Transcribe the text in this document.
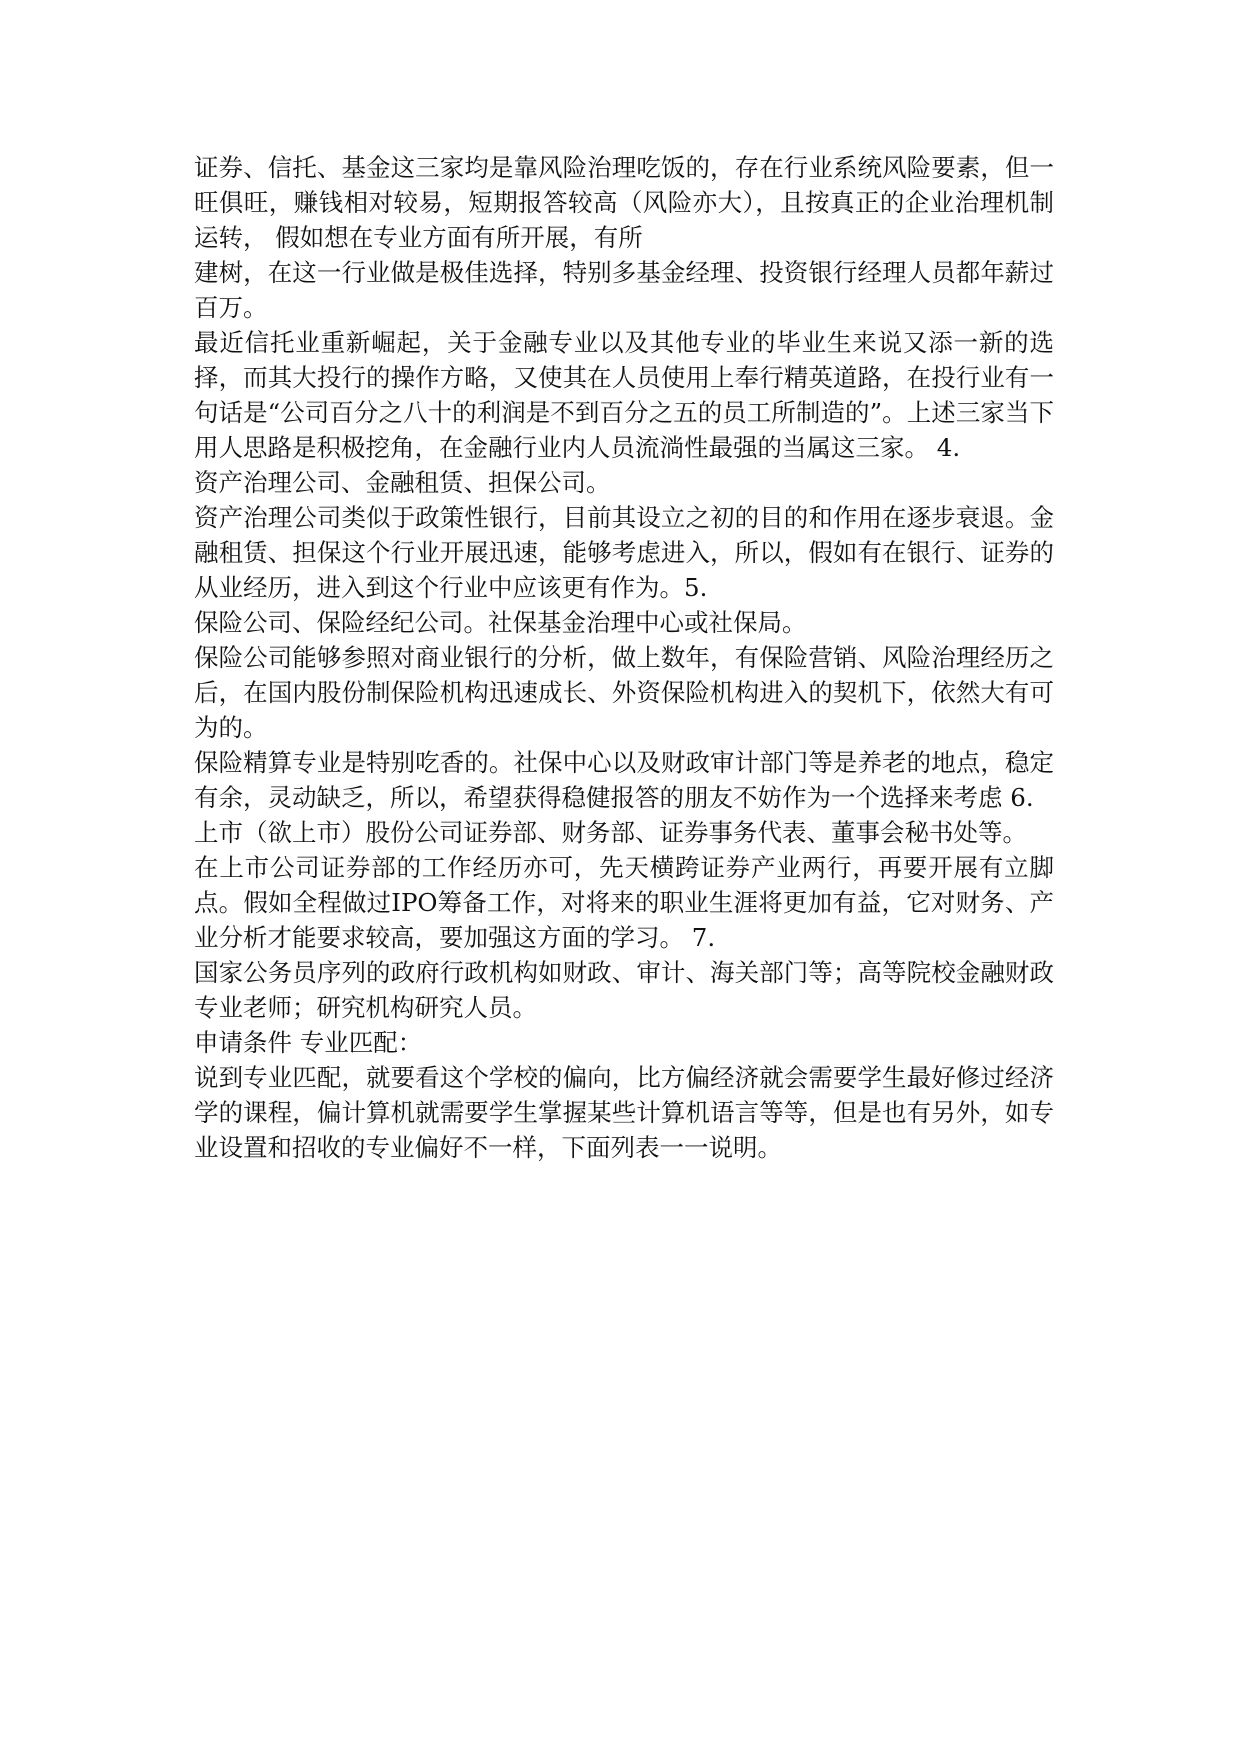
证券、信托、基金这三家均是靠风险治理吃饭的，存在行业系统风险要素，但一旺俱旺，赚钱相对较易，短期报答较高（风险亦大），且按真正的企业治理机制运转， 假如想在专业方面有所开展，有所

建树，在这一行业做是极佳选择，特别多基金经理、投资银行经理人员都年薪过百万。

最近信托业重新崛起，关于金融专业以及其他专业的毕业生来说又添一新的选择，而其大投行的操作方略，又使其在人员使用上奉行精英道路，在投行业有一句话是“公司百分之八十的利润是不到百分之五的员工所制造的”。上述三家当下用人思路是积极挖角，在金融行业内人员流淌性最强的当属这三家。 4.

资产治理公司、金融租赁、担保公司。

资产治理公司类似于政策性银行，目前其设立之初的目的和作用在逐步衰退。金融租赁、担保这个行业开展迅速，能够考虑进入，所以，假如有在银行、证券的从业经历，进入到这个行业中应该更有作为。5.

保险公司、保险经纪公司。社保基金治理中心或社保局。

保险公司能够参照对商业银行的分析，做上数年，有保险营销、风险治理经历之后，在国内股份制保险机构迅速成长、外资保险机构进入的契机下，依然大有可为的。

保险精算专业是特别吃香的。社保中心以及财政审计部门等是养老的地点，稳定有余，灵动缺乏，所以，希望获得稳健报答的朋友不妨作为一个选择来考虑 6.

上市（欲上市）股份公司证券部、财务部、证券事务代表、董事会秘书处等。

在上市公司证券部的工作经历亦可，先天横跨证券产业两行，再要开展有立脚点。假如全程做过IPO筹备工作，对将来的职业生涯将更加有益，它对财务、产业分析才能要求较高，要加强这方面的学习。 7.

国家公务员序列的政府行政机构如财政、审计、海关部门等；高等院校金融财政专业老师；研究机构研究人员。

申请条件 专业匹配：

说到专业匹配，就要看这个学校的偏向，比方偏经济就会需要学生最好修过经济学的课程，偏计算机就需要学生掌握某些计算机语言等等，但是也有另外，如专业设置和招收的专业偏好不一样，下面列表一一说明。
